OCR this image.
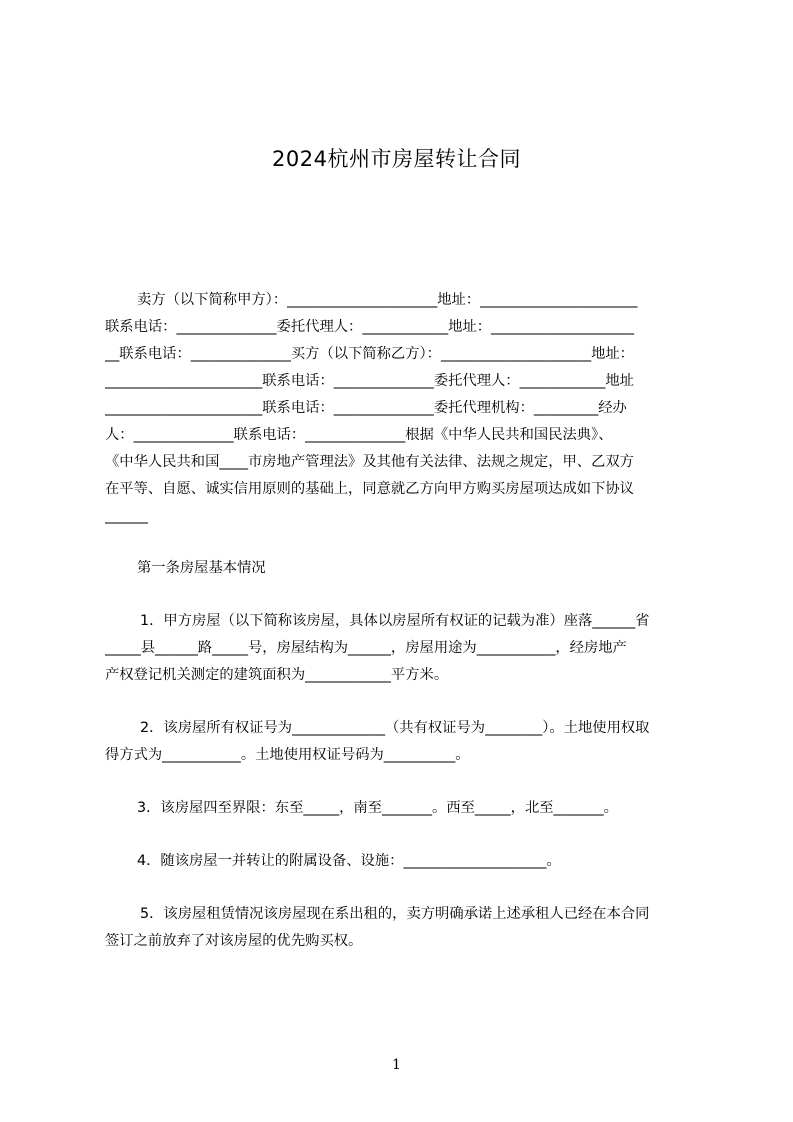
2024杭州市房屋转让合同
卖方（以下简称甲方）：_____________________地址：______________________
联系电话：______________委托代理人：____________地址：____________________
__联系电话：______________买方（以下简称乙方）：_____________________地址：
______________________联系电话：______________委托代理人：____________地址
______________________联系电话：______________委托代理机构：_________经办
人：______________联系电话：______________根据《中华人民共和国民法典》、
《中华人民共和国____市房地产管理法》及其他有关法律、法规之规定，甲、乙双方
在平等、自愿、诚实信用原则的基础上，同意就乙方向甲方购买房屋项达成如下协议
______
第一条房屋基本情况
1．甲方房屋（以下简称该房屋，具体以房屋所有权证的记载为准）座落______省
_____县______路_____号，房屋结构为______，房屋用途为___________，经房地产
产权登记机关测定的建筑面积为____________平方米。
2．该房屋所有权证号为_____________（共有权证号为________）。土地使用权取
得方式为___________。土地使用权证号码为__________。
3．该房屋四至界限：东至_____，南至_______。西至_____，北至_______。
4．随该房屋一并转让的附属设备、设施：____________________。
5．该房屋租赁情况该房屋现在系出租的，卖方明确承诺上述承租人已经在本合同
签订之前放弃了对该房屋的优先购买权。
1
